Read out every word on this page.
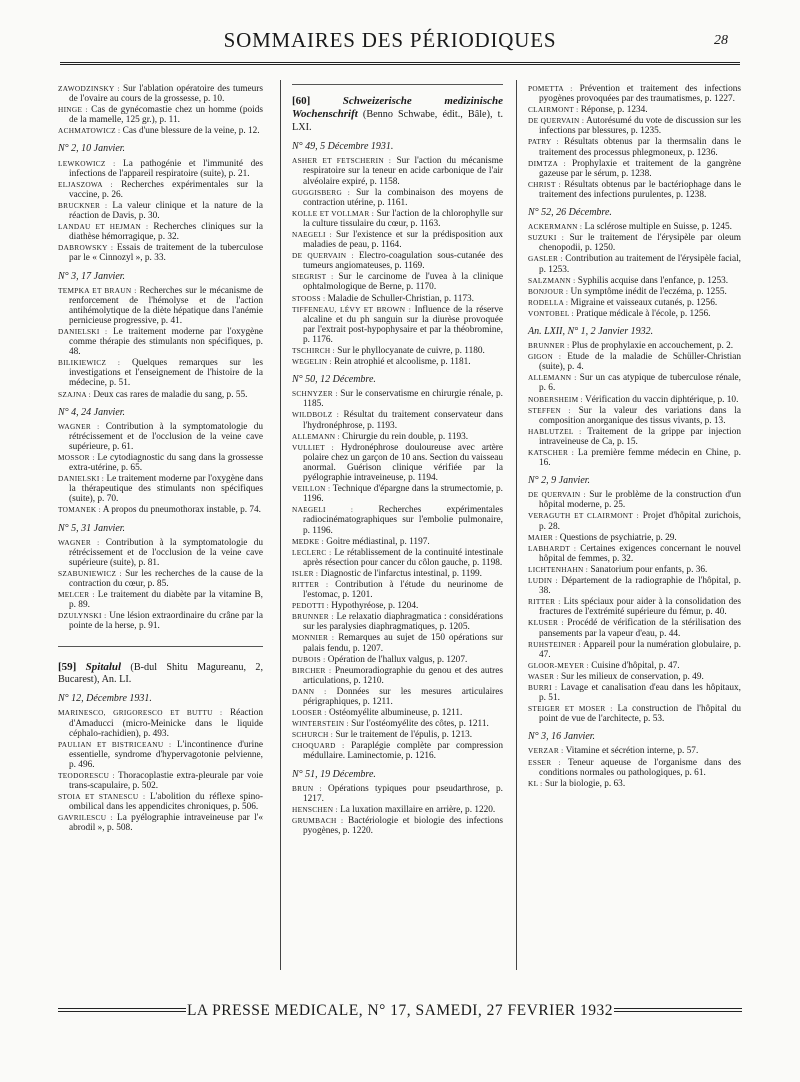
SOMMAIRES DES PÉRIODIQUES	28

ZAWODZINSKY : Sur l'ablation opératoire des tumeurs de l'ovaire au cours de la grossesse, p. 10.

HINGE : Cas de gynécomastie chez un homme (poids de la mamelle, 125 gr.), p. 11.

ACHMATOWICZ : Cas d'une blessure de la veine, p. 12.

N° 2, 10 Janvier.

LEWKOWICZ : La pathogénie et l'immunité des infections de l'appareil respiratoire (suite), p. 21.

ELJASZOWA : Recherches expérimentales sur la vaccine, p. 26.

BRUCKNER : La valeur clinique et la nature de la réaction de Davis, p. 30.

LANDAU ET HEJMAN : Recherches cliniques sur la diathèse hémorragique, p. 32.

DABROWSKY : Essais de traitement de la tuberculose par le « Cinnozyl », p. 33.

N° 3, 17 Janvier.

TEMPKA ET BRAUN : Recherches sur le mécanisme de renforcement de l'hémolyse et de l'action antihémolytique de la diète hépatique dans l'anémie pernicieuse progressive, p. 41.

DANIELSKI : Le traitement moderne par l'oxygène comme thérapie des stimulants non spécifiques, p. 48.

BILIKIEWICZ : Quelques remarques sur les investigations et l'enseignement de l'histoire de la médecine, p. 51.

SZAJNA : Deux cas rares de maladie du sang, p. 55.

N° 4, 24 Janvier.

WAGNER : Contribution à la symptomatologie du rétrécissement et de l'occlusion de la veine cave supérieure, p. 61.

MOSSOR : Le cytodiagnostic du sang dans la grossesse extra-utérine, p. 65.

DANIELSKI : Le traitement moderne par l'oxygène dans la thérapeutique des stimulants non spécifiques (suite), p. 70.

TOMANEK : A propos du pneumothorax instable, p. 74.

N° 5, 31 Janvier.

WAGNER : Contribution à la symptomatologie du rétrécissement et de l'occlusion de la veine cave supérieure (suite), p. 81.

SZABUNIEWICZ : Sur les recherches de la cause de la contraction du cœur, p. 85.

MELCER : Le traitement du diabète par la vitamine B, p. 89.

DZULYNSKI : Une lésion extraordinaire du crâne par la pointe de la herse, p. 91.

[59] Spitalul (B-dul Shitu Magureanu, 2, Bucarest), An. LI.

N° 12, Décembre 1931.

MARINESCO, GRIGORESCO ET BUTTU : Réaction d'Amaducci (micro-Meinicke dans le liquide céphalo-rachidien), p. 493.

PAULIAN ET BISTRICEANU : L'incontinence d'urine essentielle, syndrome d'hypervagotonie pelvienne, p. 496.

TEODORESCU : Thoracoplastie extra-pleurale par voie trans-scapulaire, p. 502.

STOIA ET STANESCU : L'abolition du réflexe spino-ombilical dans les appendicites chroniques, p. 506.

GAVRILESCU : La pyélographie intraveineuse par l'« abrodil », p. 508.

[60]	Schweizerische medizinische Wochenschrift (Benno Schwabe, édit., Bâle), t. LXI.

N° 49, 5 Décembre 1931.

ASHER ET FETSCHERIN : Sur l'action du mécanisme respiratoire sur la teneur en acide carbonique de l'air alvéolaire expiré, p. 1158.

GUGGISBERG : Sur la combinaison des moyens de contraction utérine, p. 1161.

KOLLE ET VOLLMAR : Sur l'action de la chlorophylle sur la culture tissulaire du cœur, p. 1163.

NAEGELI : Sur l'existence et sur la prédisposition aux maladies de peau, p. 1164.

DE QUERVAIN : Electro-coagulation sous-cutanée des tumeurs angiomateuses, p. 1169.

SIEGRIST : Sur le carcinome de l'uvea à la clinique ophtalmologique de Berne, p. 1170.

STOOSS : Maladie de Schuller-Christian, p. 1173.

TIFFENEAU, LÉVY ET BROWN : Influence de la réserve alcaline et du ph sanguin sur la diurèse provoquée par l'extrait post-hypophysaire et par la théobromine, p. 1176.

TSCHIRCH : Sur le phyllocyanate de cuivre, p. 1180.

WEGELIN : Rein atrophié et alcoolisme, p. 1181.

N° 50, 12 Décembre.

SCHNYZER : Sur le conservatisme en chirurgie rénale, p. 1185.

WILDBOLZ : Résultat du traitement conservateur dans l'hydronéphrose, p. 1193.

ALLEMANN : Chirurgie du rein double, p. 1193.

VULLIET : Hydronéphrose douloureuse avec artère polaire chez un garçon de 10 ans. Section du vaisseau anormal. Guérison clinique vérifiée par la pyélographie intraveineuse, p. 1194.

VEILLON : Technique d'épargne dans la strumectomie, p. 1196.

NAEGELI :	Recherches expérimentales radiocinématographiques sur l'embolie pulmonaire, p. 1196.

MEDKE : Goitre médiastinal, p. 1197.

LECLERC : Le rétablissement de la continuité intestinale après résection pour cancer du côlon gauche, p. 1198.

ISLER : Diagnostic de l'infarctus intestinal, p. 1199.

RITTER : Contribution à l'étude du neurinome de l'estomac, p. 1201.

PEDOTTI : Hypothyréose, p. 1204.

BRUNNER : Le relaxatio diaphragmatica : considérations sur les paralysies diaphragmatiques, p. 1205.

MONNIER : Remarques au sujet de 150 opérations sur palais fendu, p. 1207.

DUBOIS : Opération de l'hallux valgus, p. 1207.

BIRCHER : Pneumoradiographie du genou et des autres articulations, p. 1210.

DANN : Données sur les mesures articulaires périgraphiques, p. 1211.

LOOSER : Ostéomyélite albumineuse, p. 1211.

WINTERSTEIN : Sur l'ostéomyélite des côtes, p. 1211.

SCHURCH : Sur le traitement de l'épulis, p. 1213.

CHOQUARD : Paraplégie complète par compression médullaire. Laminectomie, p. 1216.

N° 51, 19 Décembre.

BRUN : Opérations typiques pour pseudarthrose, p. 1217.

HENSCHEN : La luxation maxillaire en arrière, p. 1220.

GRUMBACH : Bactériologie et biologie des infections pyogènes, p. 1220.

POMETTA : Prévention et traitement des infections pyogènes provoquées par des traumatismes, p. 1227.

CLAIRMONT : Réponse, p. 1234.

DE QUERVAIN : Autorésumé du vote de discussion sur les infections par blessures, p. 1235.

PATRY : Résultats obtenus par la thermsalin dans le traitement des processus phlegmoneux, p. 1236.

DIMTZA : Prophylaxie et traitement de la gangrène gazeuse par le sérum, p. 1238.

CHRIST : Résultats obtenus par le bactériophage dans le traitement des infections purulentes, p. 1238.

N° 52, 26 Décembre.

ACKERMANN : La sclérose multiple en Suisse, p. 1245.

SUZUKI : Sur le traitement de l'érysipèle par oleum chenopodii, p. 1250.

GASLER : Contribution au traitement de l'érysipèle facial, p. 1253.

SALZMANN : Syphilis acquise dans l'enfance, p. 1253.

BONJOUR : Un symptôme inédit de l'eczéma, p. 1255.

RODELLA : Migraine et vaisseaux cutanés, p. 1256.

VONTOBEL : Pratique médicale à l'école, p. 1256.

An. LXII, N° 1, 2 Janvier 1932.

BRUNNER : Plus de prophylaxie en accouchement, p. 2.

GIGON : Etude de la maladie de Schüller-Christian (suite), p. 4.

ALLEMANN : Sur un cas atypique de tuberculose rénale, p. 6.

NOBERSHEIM : Vérification du vaccin diphtérique, p. 10.

STEFFEN : Sur la valeur des variations dans la composition anorganique des tissus vivants, p. 13.

HABLUTZEL : Traitement de la grippe par injection intraveineuse de Ca, p. 15.

KATSCHER : La première femme médecin en Chine, p. 16.

N° 2, 9 Janvier.

DE QUERVAIN : Sur le problème de la construction d'un hôpital moderne, p. 25.

VERAGUTH ET CLAIRMONT : Projet d'hôpital zurichois, p. 28.

MAIER : Questions de psychiatrie, p. 29.

LABHARDT : Certaines exigences concernant le nouvel hôpital de femmes, p. 32.

LICHTENHAHN : Sanatorium pour enfants, p. 36.

LUDIN : Département de la radiographie de l'hôpital, p. 38.

RITTER : Lits spéciaux pour aider à la consolidation des fractures de l'extrémité supérieure du fémur, p. 40.

KLUSER : Procédé de vérification de la stérilisation des pansements par la vapeur d'eau, p. 44.

RUHSTEINER : Appareil pour la numération globulaire, p. 47.

GLOOR-MEYER : Cuisine d'hôpital, p. 47.

WASER : Sur les milieux de conservation, p. 49.

BURRI : Lavage et canalisation d'eau dans les hôpitaux, p. 51.

STEIGER ET MOSER : La construction de l'hôpital du point de vue de l'architecte, p. 53.

N° 3, 16 Janvier.

VERZAR : Vitamine et sécrétion interne, p. 57.

ESSER : Teneur aqueuse de l'organisme dans des conditions normales ou pathologiques, p. 61.

KL : Sur la biologie, p. 63.

LA PRESSE MEDICALE, N° 17, SAMEDI, 27 FEVRIER 1932
